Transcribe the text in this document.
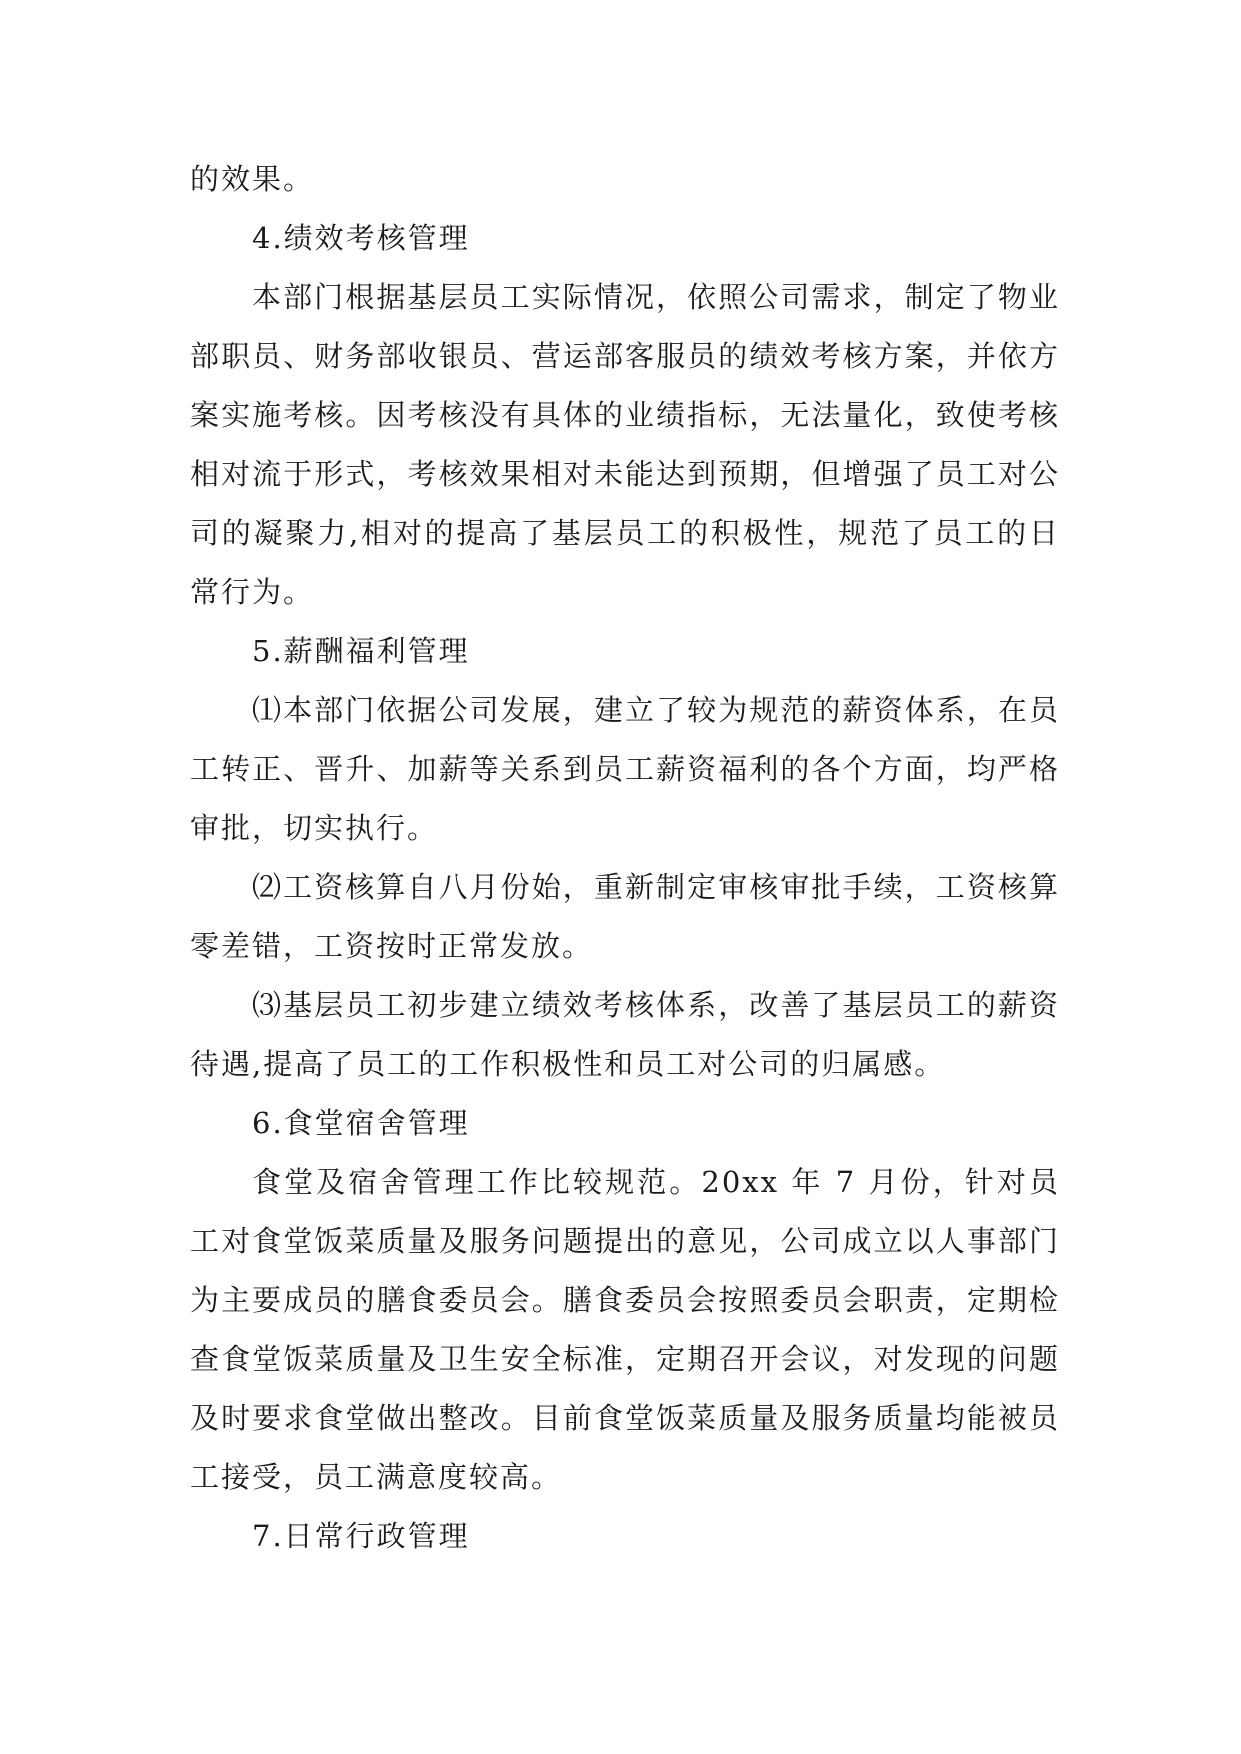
的效果。

4.绩效考核管理

本部门根据基层员工实际情况，依照公司需求，制定了物业部职员、财务部收银员、营运部客服员的绩效考核方案，并依方案实施考核。因考核没有具体的业绩指标，无法量化，致使考核相对流于形式，考核效果相对未能达到预期，但增强了员工对公司的凝聚力,相对的提高了基层员工的积极性，规范了员工的日常行为。

5.薪酬福利管理

⑴本部门依据公司发展，建立了较为规范的薪资体系，在员工转正、晋升、加薪等关系到员工薪资福利的各个方面，均严格审批，切实执行。

⑵工资核算自八月份始，重新制定审核审批手续，工资核算零差错，工资按时正常发放。

⑶基层员工初步建立绩效考核体系，改善了基层员工的薪资待遇,提高了员工的工作积极性和员工对公司的归属感。

6.食堂宿舍管理

食堂及宿舍管理工作比较规范。20xx 年 7 月份，针对员工对食堂饭菜质量及服务问题提出的意见，公司成立以人事部门为主要成员的膳食委员会。膳食委员会按照委员会职责，定期检查食堂饭菜质量及卫生安全标准，定期召开会议，对发现的问题及时要求食堂做出整改。目前食堂饭菜质量及服务质量均能被员工接受，员工满意度较高。

7.日常行政管理
